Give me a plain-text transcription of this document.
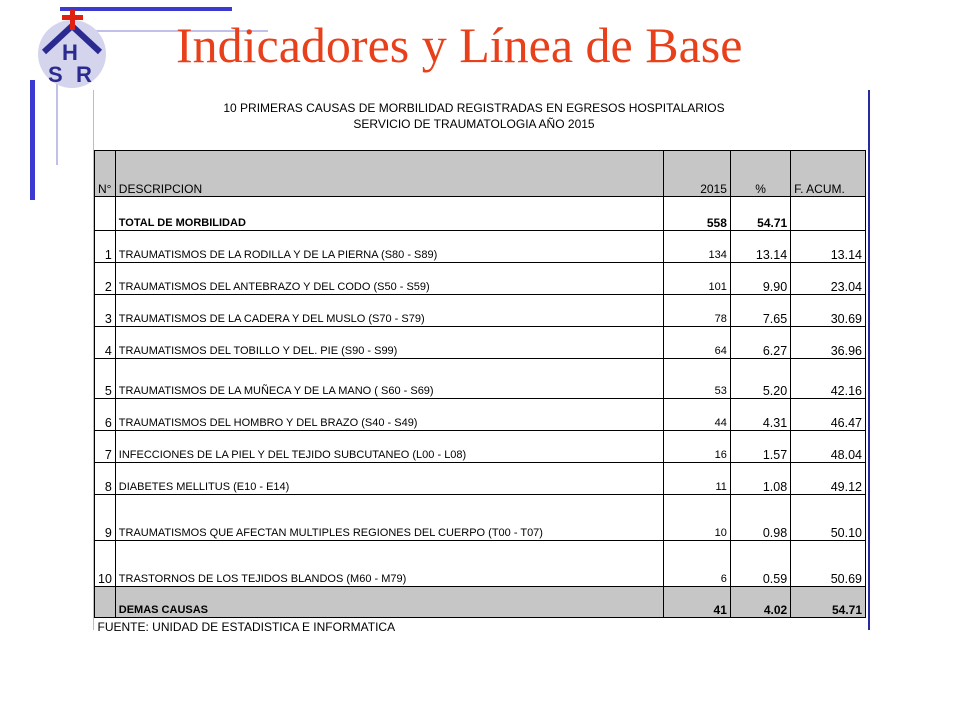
H
S R
Indicadores y Línea de Base
10 PRIMERAS CAUSAS DE MORBILIDAD REGISTRADAS EN EGRESOS HOSPITALARIOS
SERVICIO DE TRAUMATOLOGIA AÑO 2015
N°	DESCRIPCION	2015	%	F. ACUM.
	TOTAL DE MORBILIDAD	558	54.71	
1	TRAUMATISMOS DE LA RODILLA Y DE LA PIERNA (S80 - S89)	134	13.14	13.14
2	TRAUMATISMOS DEL ANTEBRAZO Y DEL CODO (S50 - S59)	101	9.90	23.04
3	TRAUMATISMOS DE LA CADERA Y DEL MUSLO (S70 - S79)	78	7.65	30.69
4	TRAUMATISMOS DEL TOBILLO Y DEL. PIE (S90 - S99)	64	6.27	36.96
5	TRAUMATISMOS DE LA MUÑECA Y DE LA MANO ( S60 - S69)	53	5.20	42.16
6	TRAUMATISMOS DEL HOMBRO Y DEL BRAZO (S40 - S49)	44	4.31	46.47
7	INFECCIONES DE LA PIEL Y DEL TEJIDO SUBCUTANEO (L00 - L08)	16	1.57	48.04
8	DIABETES MELLITUS (E10 - E14)	11	1.08	49.12
9	TRAUMATISMOS QUE AFECTAN MULTIPLES REGIONES DEL CUERPO (T00 - T07)	10	0.98	50.10
10	TRASTORNOS DE LOS TEJIDOS BLANDOS (M60 - M79)	6	0.59	50.69
	DEMAS CAUSAS	41	4.02	54.71
FUENTE: UNIDAD DE ESTADISTICA E INFORMATICA				
